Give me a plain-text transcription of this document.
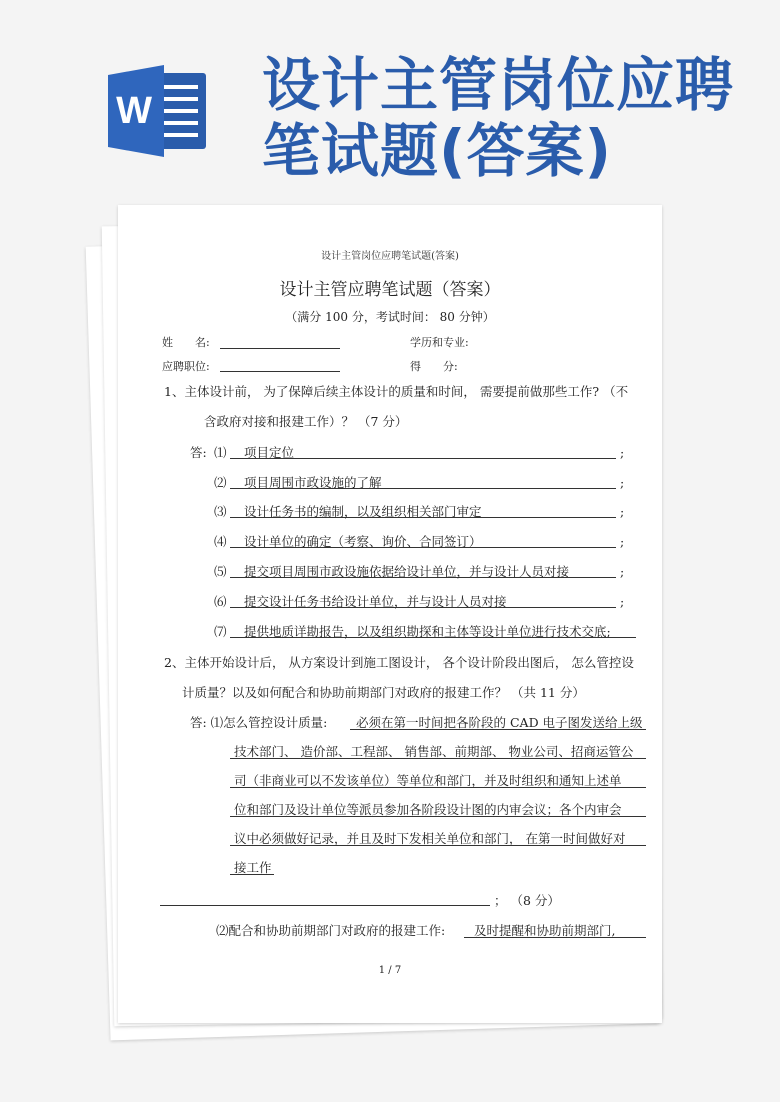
W 设计主管岗位应聘
笔试题(答案)
设计主管岗位应聘笔试题(答案)
设计主管应聘笔试题（答案）
（满分 100 分，考试时间： 80 分钟）
姓　　名:	学历和专业:
应聘职位:	得　　分:
1、主体设计前， 为了保障后续主体设计的质量和时间， 需要提前做那些工作? （不
含政府对接和报建工作）？ （7 分）
答: ⑴ 项目定位	;
⑵ 项目周围市政设施的了解	;
⑶ 设计任务书的编制，以及组织相关部门审定	;
⑷ 设计单位的确定（考察、询价、合同签订）	;
⑸ 提交项目周围市政设施依据给设计单位，并与设计人员对接	;
⑹ 提交设计任务书给设计单位，并与设计人员对接	;
⑺ 提供地质详勘报告，以及组织勘探和主体等设计单位进行技术交底;
2、主体开始设计后， 从方案设计到施工图设计， 各个设计阶段出图后， 怎么管控设
计质量？以及如何配合和协助前期部门对政府的报建工作？ （共 11 分）
答: ⑴怎么管控设计质量: 必须在第一时间把各阶段的 CAD 电子图发送给上级
技术部门、 造价部、工程部、 销售部、前期部、 物业公司、招商运管公
司（非商业可以不发该单位）等单位和部门，并及时组织和通知上述单
位和部门及设计单位等派员参加各阶段设计图的内审会议；各个内审会
议中必须做好记录，并且及时下发相关单位和部门， 在第一时间做好对
接工作
； （8 分）
⑵配合和协助前期部门对政府的报建工作: 及时提醒和协助前期部门,
1 / 7
